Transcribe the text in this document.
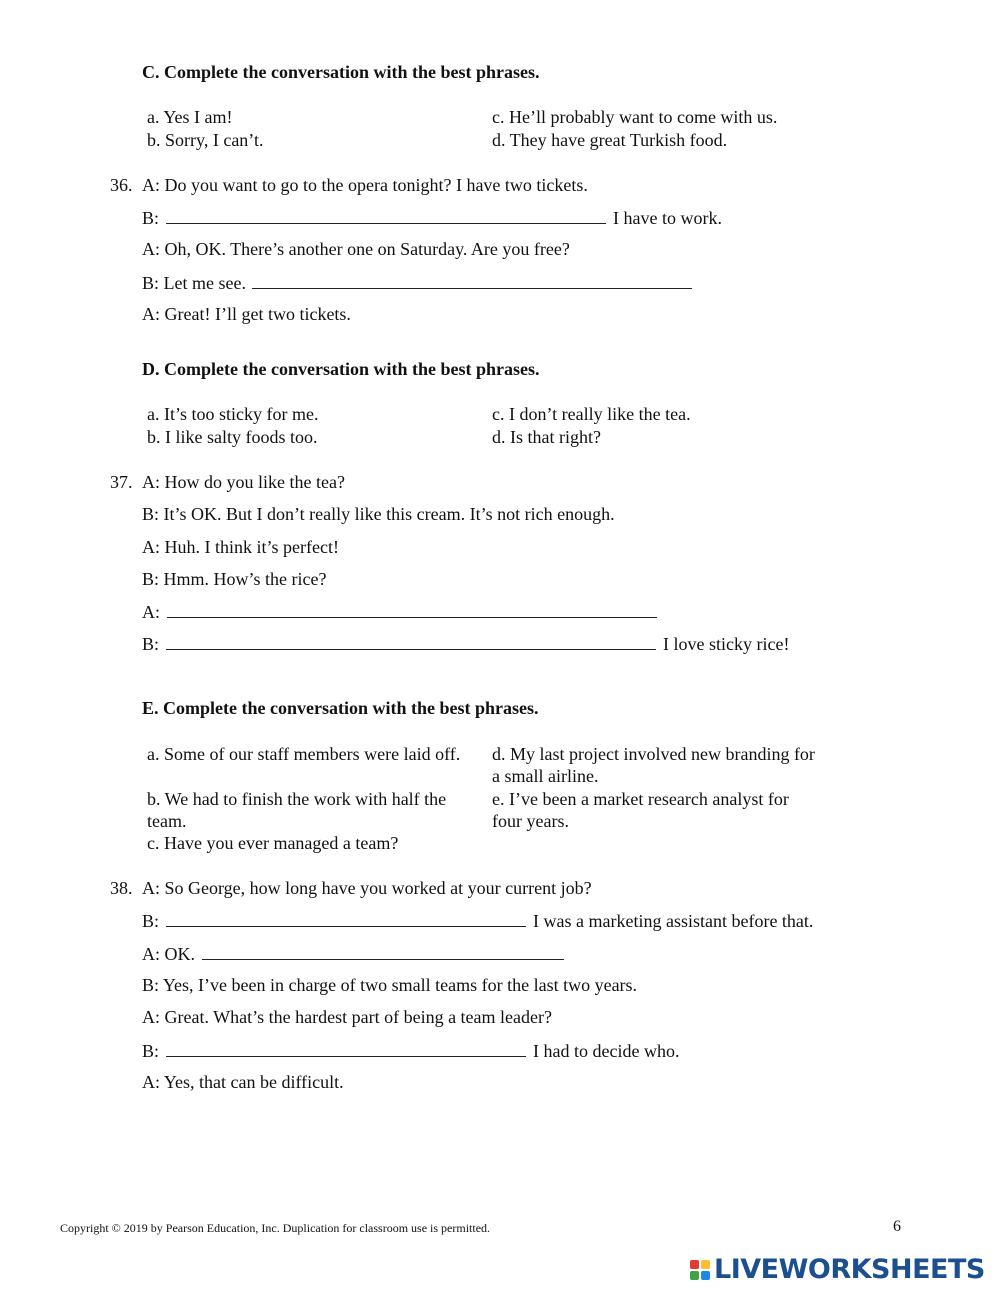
C. Complete the conversation with the best phrases.
a. Yes I am!
b. Sorry, I can’t.
c. He’ll probably want to come with us.
d. They have great Turkish food.
36. A: Do you want to go to the opera tonight? I have two tickets.
B:	I have to work.
A: Oh, OK. There’s another one on Saturday. Are you free?
B: Let me see.
A: Great! I’ll get two tickets.
D. Complete the conversation with the best phrases.
a. It’s too sticky for me.
b. I like salty foods too.
c. I don’t really like the tea.
d. Is that right?
37. A: How do you like the tea?
B: It’s OK. But I don’t really like this cream. It’s not rich enough.
A: Huh. I think it’s perfect!
B: Hmm. How’s the rice?
A:
B:	I love sticky rice!
E. Complete the conversation with the best phrases.
a. Some of our staff members were laid off.
b. We had to finish the work with half the team.
c. Have you ever managed a team?
d. My last project involved new branding for a small airline.
e. I’ve been a market research analyst for four years.
38. A: So George, how long have you worked at your current job?
B:	I was a marketing assistant before that.
A: OK.
B: Yes, I’ve been in charge of two small teams for the last two years.
A: Great. What’s the hardest part of being a team leader?
B:	I had to decide who.
A: Yes, that can be difficult.
Copyright © 2019 by Pearson Education, Inc. Duplication for classroom use is permitted.	6
LIVEWORKSHEETS
